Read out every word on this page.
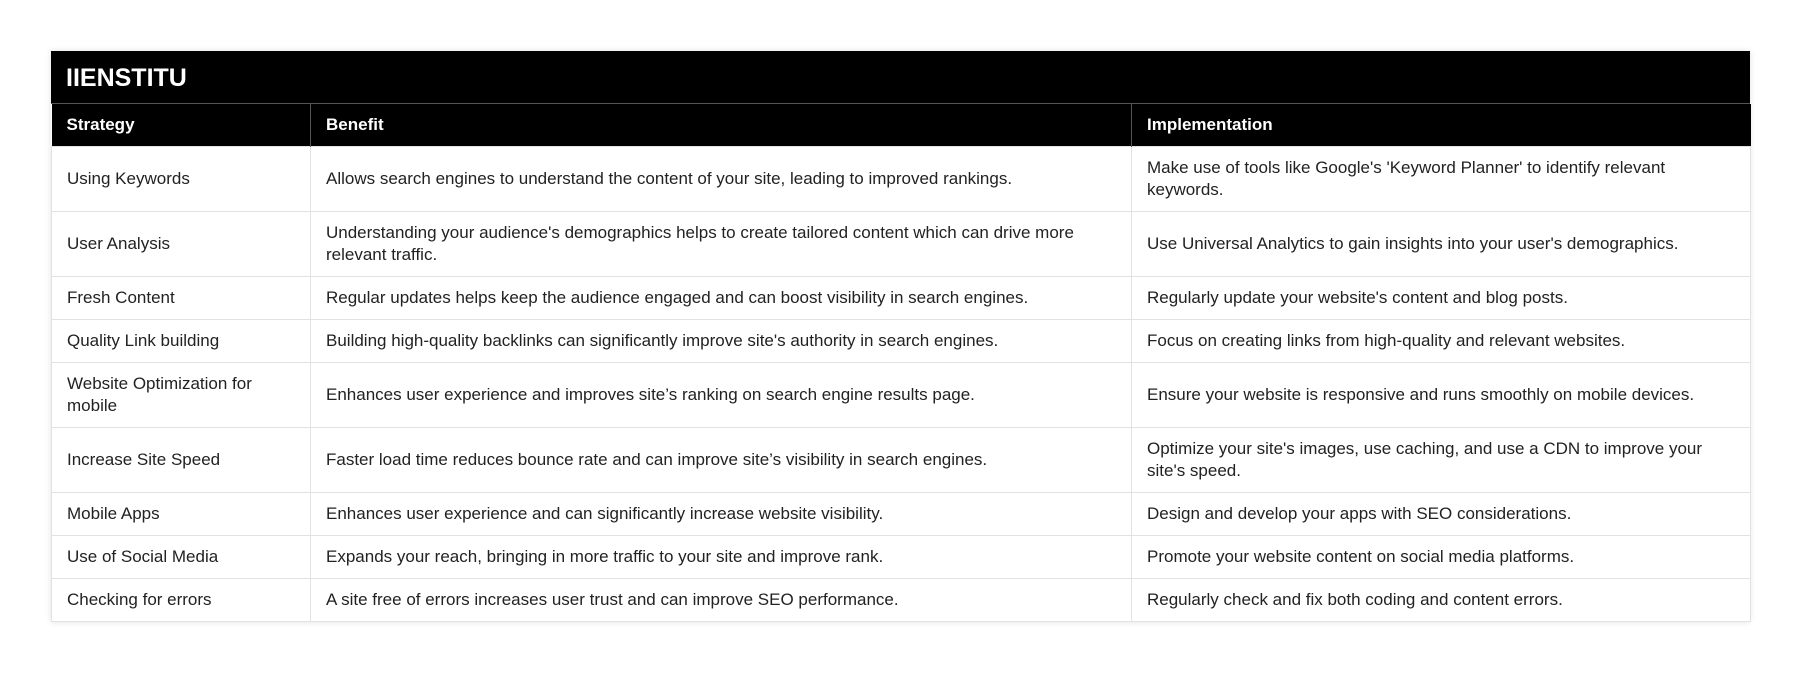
IIENSTITU
Strategy	Benefit	Implementation
Using Keywords	Allows search engines to understand the content of your site, leading to improved rankings.	Make use of tools like Google's 'Keyword Planner' to identify relevant keywords.
User Analysis	Understanding your audience's demographics helps to create tailored content which can drive more relevant traffic.	Use Universal Analytics to gain insights into your user's demographics.
Fresh Content	Regular updates helps keep the audience engaged and can boost visibility in search engines.	Regularly update your website's content and blog posts.
Quality Link building	Building high-quality backlinks can significantly improve site's authority in search engines.	Focus on creating links from high-quality and relevant websites.
Website Optimization for mobile	Enhances user experience and improves site’s ranking on search engine results page.	Ensure your website is responsive and runs smoothly on mobile devices.
Increase Site Speed	Faster load time reduces bounce rate and can improve site’s visibility in search engines.	Optimize your site's images, use caching, and use a CDN to improve your site's speed.
Mobile Apps	Enhances user experience and can significantly increase website visibility.	Design and develop your apps with SEO considerations.
Use of Social Media	Expands your reach, bringing in more traffic to your site and improve rank.	Promote your website content on social media platforms.
Checking for errors	A site free of errors increases user trust and can improve SEO performance.	Regularly check and fix both coding and content errors.
